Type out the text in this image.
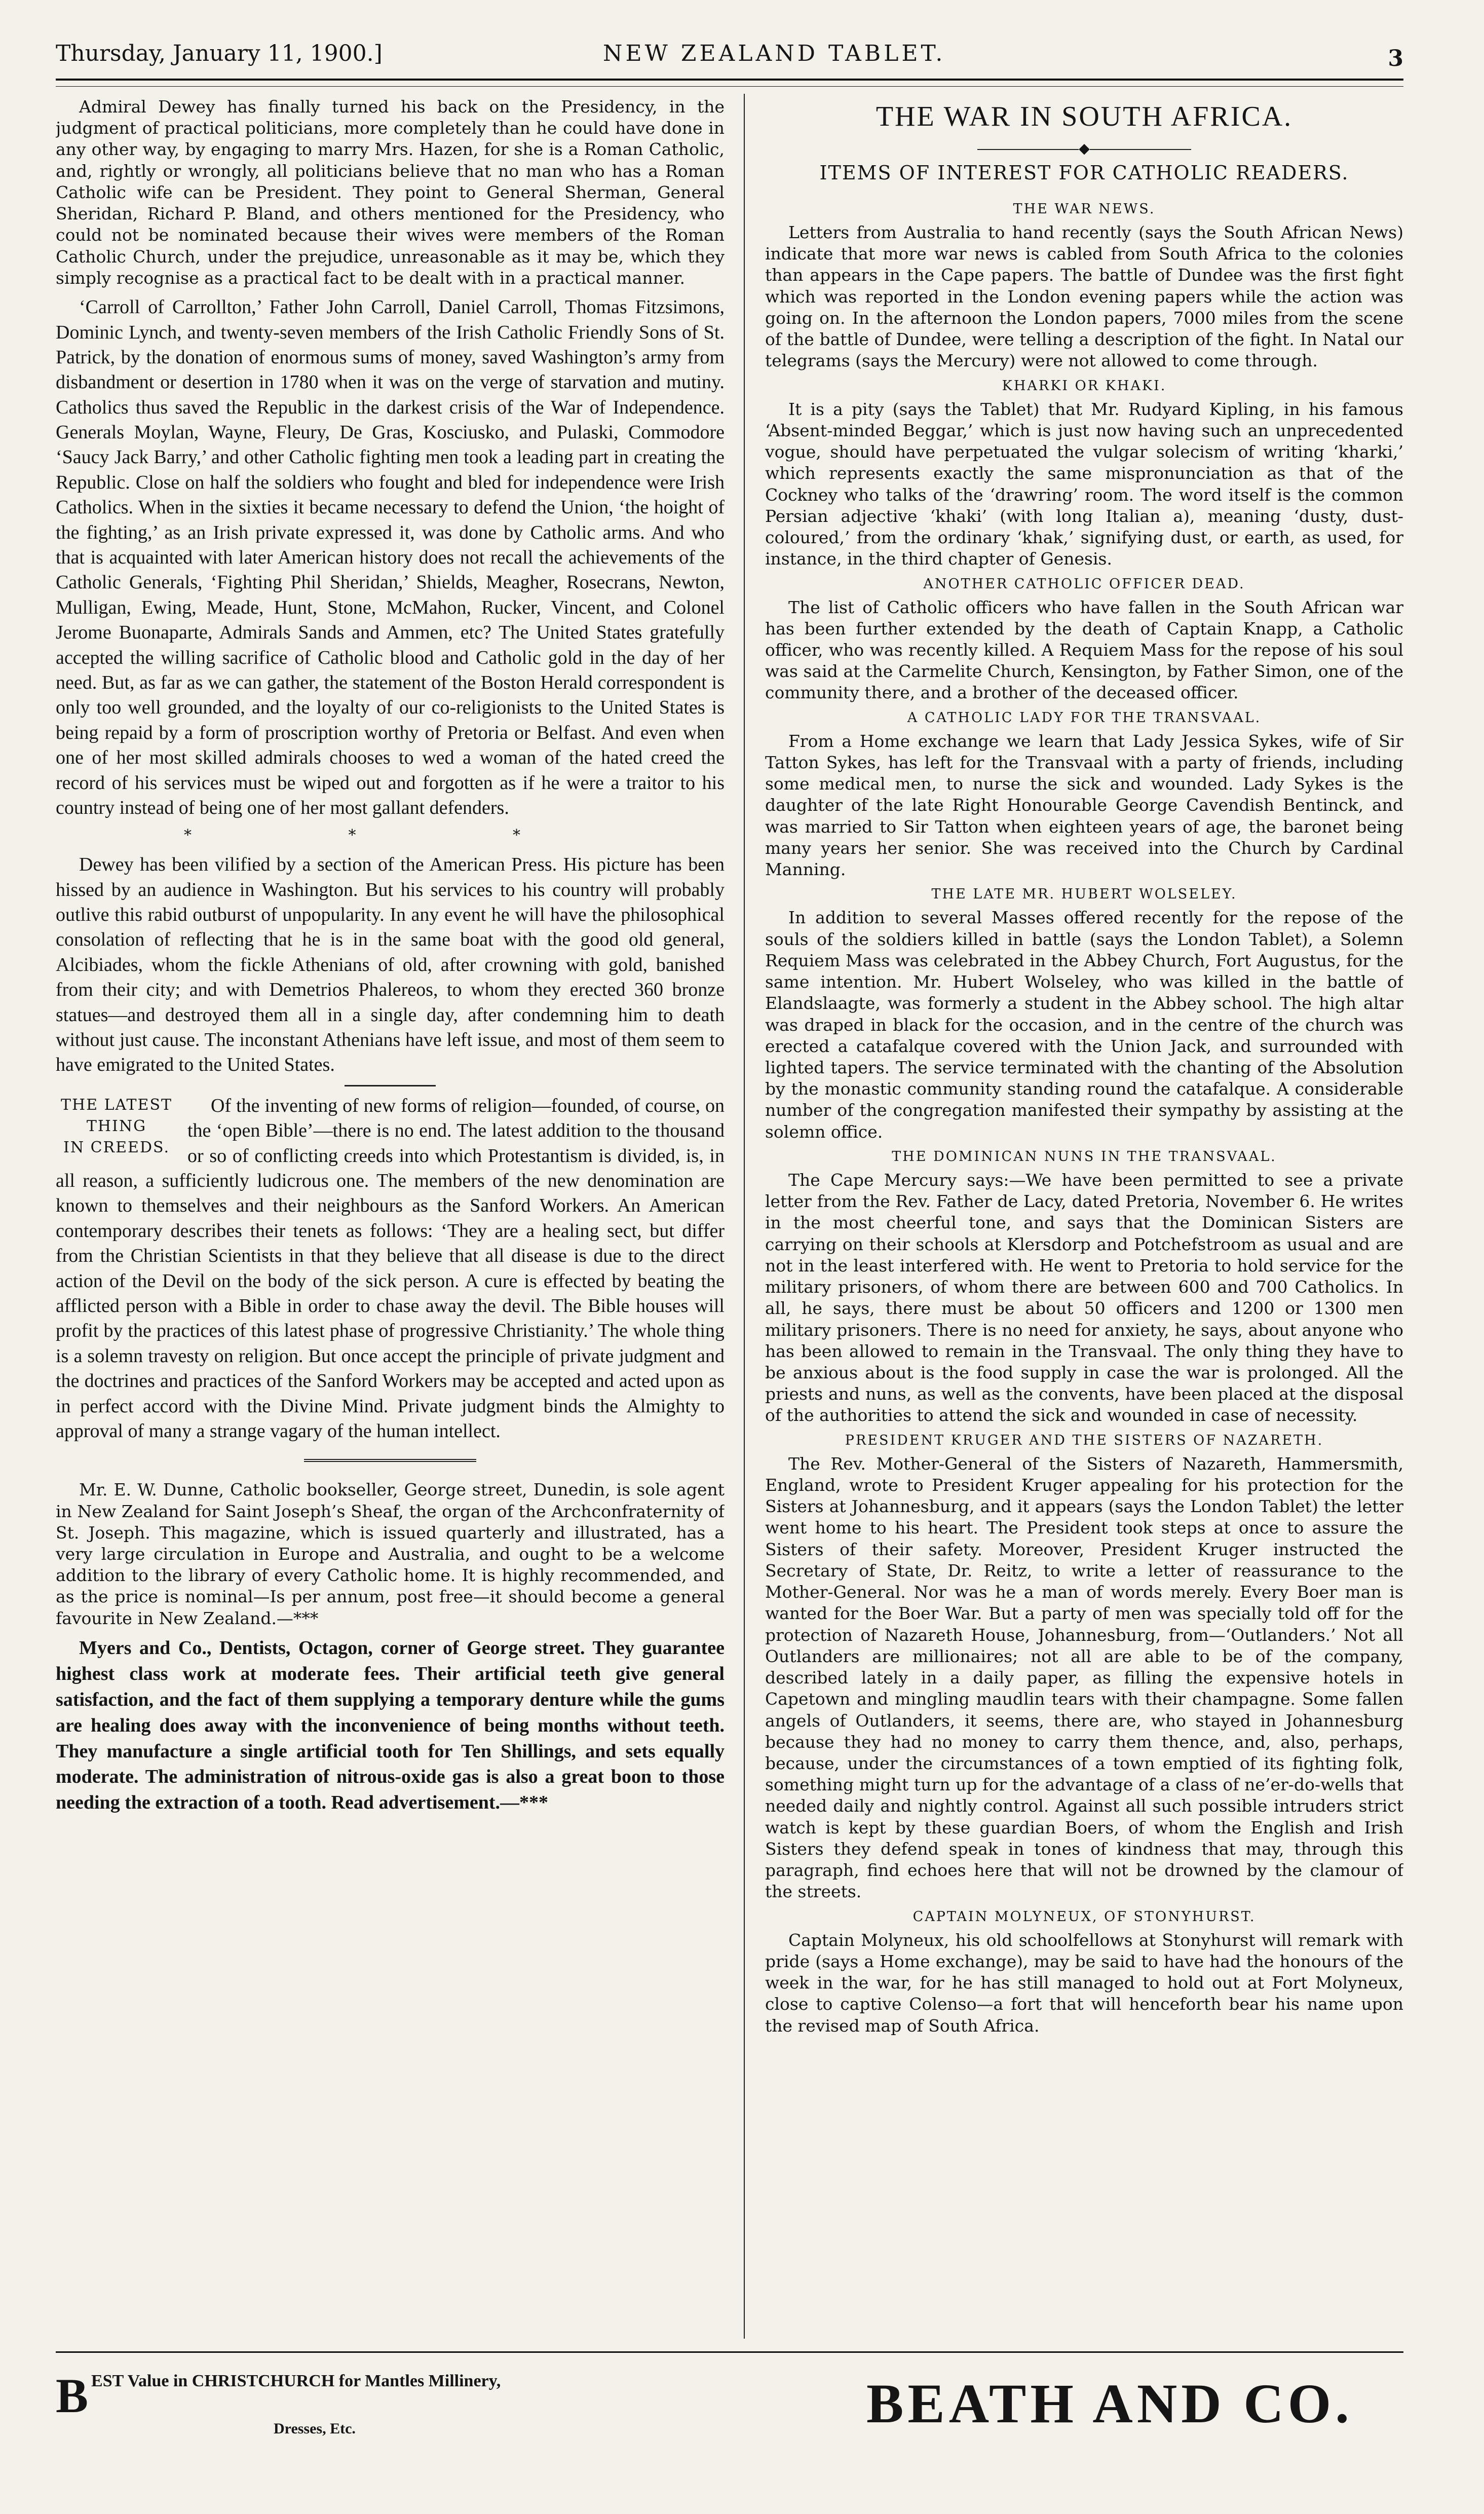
Thursday, January 11, 1900.]	NEW ZEALAND TABLET.	3

Admiral Dewey has finally turned his back on the Presidency, in the judgment of practical politicians, more completely than he could have done in any other way, by engaging to marry Mrs. Hazen, for she is a Roman Catholic, and, rightly or wrongly, all politicians believe that no man who has a Roman Catholic wife can be President. They point to General Sherman, General Sheridan, Richard P. Bland, and others mentioned for the Presidency, who could not be nominated because their wives were members of the Roman Catholic Church, under the prejudice, unreasonable as it may be, which they simply recognise as a practical fact to be dealt with in a practical manner.

‘Carroll of Carrollton,’ Father John Carroll, Daniel Carroll, Thomas Fitzsimons, Dominic Lynch, and twenty-seven members of the Irish Catholic Friendly Sons of St. Patrick, by the donation of enormous sums of money, saved Washington’s army from disbandment or desertion in 1780 when it was on the verge of starvation and mutiny. Catholics thus saved the Republic in the darkest crisis of the War of Independence. Generals Moylan, Wayne, Fleury, De Gras, Kosciusko, and Pulaski, Commodore ‘Saucy Jack Barry,’ and other Catholic fighting men took a leading part in creating the Republic. Close on half the soldiers who fought and bled for independence were Irish Catholics. When in the sixties it became necessary to defend the Union, ‘the hoight of the fighting,’ as an Irish private expressed it, was done by Catholic arms. And who that is acquainted with later American history does not recall the achievements of the Catholic Generals, ‘Fighting Phil Sheridan,’ Shields, Meagher, Rosecrans, Newton, Mulligan, Ewing, Meade, Hunt, Stone, McMahon, Rucker, Vincent, and Colonel Jerome Buonaparte, Admirals Sands and Ammen, etc? The United States gratefully accepted the willing sacrifice of Catholic blood and Catholic gold in the day of her need. But, as far as we can gather, the statement of the Boston Herald correspondent is only too well grounded, and the loyalty of our co-religionists to the United States is being repaid by a form of proscription worthy of Pretoria or Belfast. And even when one of her most skilled admirals chooses to wed a woman of the hated creed the record of his services must be wiped out and forgotten as if he were a traitor to his country instead of being one of her most gallant defenders.

* * *

Dewey has been vilified by a section of the American Press. His picture has been hissed by an audience in Washington. But his services to his country will probably outlive this rabid outburst of unpopularity. In any event he will have the philosophical consolation of reflecting that he is in the same boat with the good old general, Alcibiades, whom the fickle Athenians of old, after crowning with gold, banished from their city; and with Demetrios Phalereos, to whom they erected 360 bronze statues—and destroyed them all in a single day, after condemning him to death without just cause. The inconstant Athenians have left issue, and most of them seem to have emigrated to the United States.

THE LATEST
THING
IN CREEDS.

Of the inventing of new forms of religion—founded, of course, on the ‘open Bible’—there is no end. The latest addition to the thousand or so of conflicting creeds into which Protestantism is divided, is, in all reason, a sufficiently ludicrous one. The members of the new denomination are known to themselves and their neighbours as the Sanford Workers. An American contemporary describes their tenets as follows: ‘They are a healing sect, but differ from the Christian Scientists in that they believe that all disease is due to the direct action of the Devil on the body of the sick person. A cure is effected by beating the afflicted person with a Bible in order to chase away the devil. The Bible houses will profit by the practices of this latest phase of progressive Christianity.’ The whole thing is a solemn travesty on religion. But once accept the principle of private judgment and the doctrines and practices of the Sanford Workers may be accepted and acted upon as in perfect accord with the Divine Mind. Private judgment binds the Almighty to approval of many a strange vagary of the human intellect.

Mr. E. W. Dunne, Catholic bookseller, George street, Dunedin, is sole agent in New Zealand for Saint Joseph’s Sheaf, the organ of the Archconfraternity of St. Joseph. This magazine, which is issued quarterly and illustrated, has a very large circulation in Europe and Australia, and ought to be a welcome addition to the library of every Catholic home. It is highly recommended, and as the price is nominal—Is per annum, post free—it should become a general favourite in New Zealand.—***

Myers and Co., Dentists, Octagon, corner of George street. They guarantee highest class work at moderate fees. Their artificial teeth give general satisfaction, and the fact of them supplying a temporary denture while the gums are healing does away with the inconvenience of being months without teeth. They manufacture a single artificial tooth for Ten Shillings, and sets equally moderate. The administration of nitrous-oxide gas is also a great boon to those needing the extraction of a tooth. Read advertisement.—***

THE WAR IN SOUTH AFRICA.
◆
ITEMS OF INTEREST FOR CATHOLIC READERS.
THE WAR NEWS.

Letters from Australia to hand recently (says the South African News) indicate that more war news is cabled from South Africa to the colonies than appears in the Cape papers. The battle of Dundee was the first fight which was reported in the London evening papers while the action was going on. In the afternoon the London papers, 7000 miles from the scene of the battle of Dundee, were telling a description of the fight. In Natal our telegrams (says the Mercury) were not allowed to come through.

KHARKI OR KHAKI.

It is a pity (says the Tablet) that Mr. Rudyard Kipling, in his famous ‘Absent-minded Beggar,’ which is just now having such an unprecedented vogue, should have perpetuated the vulgar solecism of writing ‘kharki,’ which represents exactly the same mispronunciation as that of the Cockney who talks of the ‘drawring’ room. The word itself is the common Persian adjective ‘khaki’ (with long Italian a), meaning ‘dusty, dust-coloured,’ from the ordinary ‘khak,’ signifying dust, or earth, as used, for instance, in the third chapter of Genesis.

ANOTHER CATHOLIC OFFICER DEAD.

The list of Catholic officers who have fallen in the South African war has been further extended by the death of Captain Knapp, a Catholic officer, who was recently killed. A Requiem Mass for the repose of his soul was said at the Carmelite Church, Kensington, by Father Simon, one of the community there, and a brother of the deceased officer.

A CATHOLIC LADY FOR THE TRANSVAAL.

From a Home exchange we learn that Lady Jessica Sykes, wife of Sir Tatton Sykes, has left for the Transvaal with a party of friends, including some medical men, to nurse the sick and wounded. Lady Sykes is the daughter of the late Right Honourable George Cavendish Bentinck, and was married to Sir Tatton when eighteen years of age, the baronet being many years her senior. She was received into the Church by Cardinal Manning.

THE LATE MR. HUBERT WOLSELEY.

In addition to several Masses offered recently for the repose of the souls of the soldiers killed in battle (says the London Tablet), a Solemn Requiem Mass was celebrated in the Abbey Church, Fort Augustus, for the same intention. Mr. Hubert Wolseley, who was killed in the battle of Elandslaagte, was formerly a student in the Abbey school. The high altar was draped in black for the occasion, and in the centre of the church was erected a catafalque covered with the Union Jack, and surrounded with lighted tapers. The service terminated with the chanting of the Absolution by the monastic community standing round the catafalque. A considerable number of the congregation manifested their sympathy by assisting at the solemn office.

THE DOMINICAN NUNS IN THE TRANSVAAL.

The Cape Mercury says:—We have been permitted to see a private letter from the Rev. Father de Lacy, dated Pretoria, November 6. He writes in the most cheerful tone, and says that the Dominican Sisters are carrying on their schools at Klersdorp and Potchefstroom as usual and are not in the least interfered with. He went to Pretoria to hold service for the military prisoners, of whom there are between 600 and 700 Catholics. In all, he says, there must be about 50 officers and 1200 or 1300 men military prisoners. There is no need for anxiety, he says, about anyone who has been allowed to remain in the Transvaal. The only thing they have to be anxious about is the food supply in case the war is prolonged. All the priests and nuns, as well as the convents, have been placed at the disposal of the authorities to attend the sick and wounded in case of necessity.

PRESIDENT KRUGER AND THE SISTERS OF NAZARETH.

The Rev. Mother-General of the Sisters of Nazareth, Hammersmith, England, wrote to President Kruger appealing for his protection for the Sisters at Johannesburg, and it appears (says the London Tablet) the letter went home to his heart. The President took steps at once to assure the Sisters of their safety. Moreover, President Kruger instructed the Secretary of State, Dr. Reitz, to write a letter of reassurance to the Mother-General. Nor was he a man of words merely. Every Boer man is wanted for the Boer War. But a party of men was specially told off for the protection of Nazareth House, Johannesburg, from—‘Outlanders.’ Not all Outlanders are millionaires; not all are able to be of the company, described lately in a daily paper, as filling the expensive hotels in Capetown and mingling maudlin tears with their champagne. Some fallen angels of Outlanders, it seems, there are, who stayed in Johannesburg because they had no money to carry them thence, and, also, perhaps, because, under the circumstances of a town emptied of its fighting folk, something might turn up for the advantage of a class of ne’er-do-wells that needed daily and nightly control. Against all such possible intruders strict watch is kept by these guardian Boers, of whom the English and Irish Sisters they defend speak in tones of kindness that may, through this paragraph, find echoes here that will not be drowned by the clamour of the streets.

CAPTAIN MOLYNEUX, OF STONYHURST.

Captain Molyneux, his old schoolfellows at Stonyhurst will remark with pride (says a Home exchange), may be said to have had the honours of the week in the war, for he has still managed to hold out at Fort Molyneux, close to captive Colenso—a fort that will henceforth bear his name upon the revised map of South Africa.

BEST Value in CHRISTCHURCH for Mantles Millinery,
Dresses, Etc.	BEATH AND CO.
